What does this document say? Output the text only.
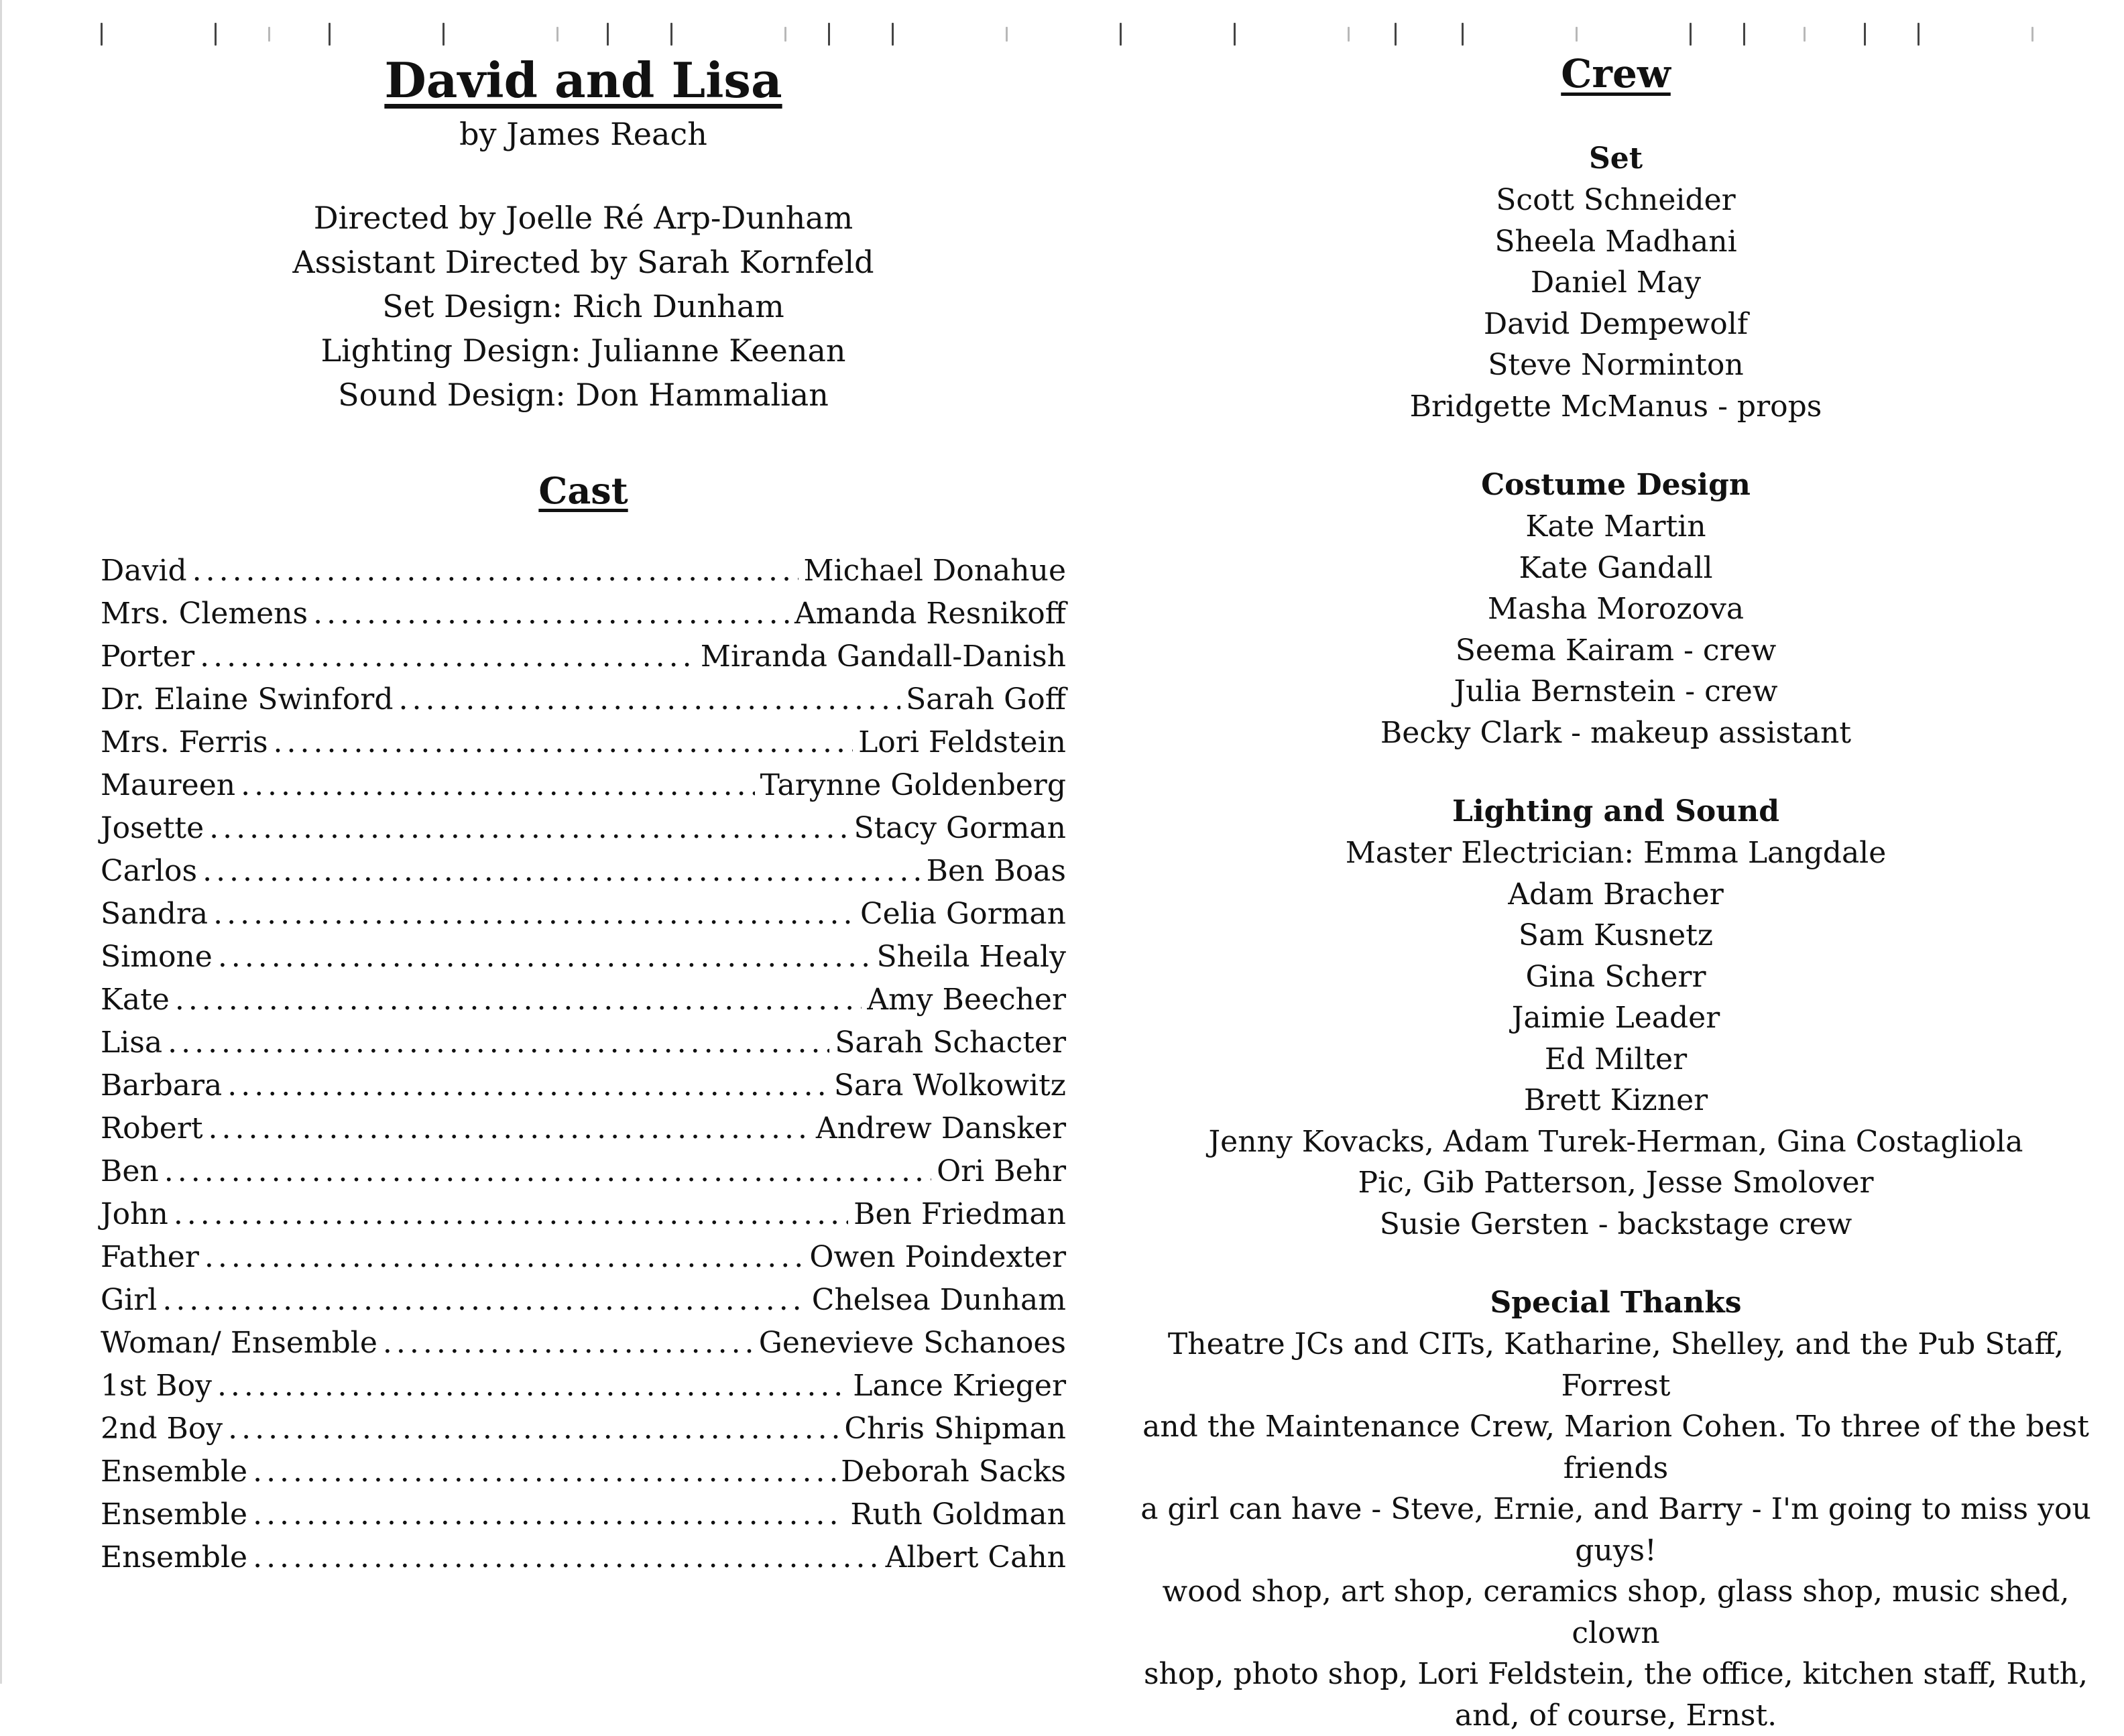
David and Lisa

by James Reach

Directed by Joelle Ré Arp-Dunham

Assistant Directed by Sarah Kornfeld

Set Design: Rich Dunham

Lighting Design: Julianne Keenan

Sound Design: Don Hammalian

Cast
David .....	Michael Donahue
Mrs. Clemens .....	Amanda Resnikoff
Porter .....	Miranda Gandall-Danish
Dr. Elaine Swinford .....	Sarah Goff
Mrs. Ferris .....	Lori Feldstein
Maureen .....	Tarynne Goldenberg
Josette .....	Stacy Gorman
Carlos .....	Ben Boas
Sandra .....	Celia Gorman
Simone .....	Sheila Healy
Kate .....	Amy Beecher
Lisa .....	Sarah Schacter
Barbara .....	Sara Wolkowitz
Robert .....	Andrew Dansker
Ben .....	Ori Behr
John .....	Ben Friedman
Father .....	Owen Poindexter
Girl .....	Chelsea Dunham
Woman/ Ensemble .....	Genevieve Schanoes
1st Boy .....	Lance Krieger
2nd Boy .....	Chris Shipman
Ensemble .....	Deborah Sacks
Ensemble .....	Ruth Goldman
Ensemble .....	Albert Cahn
Crew

Set

Scott Schneider

Sheela Madhani

Daniel May

David Dempewolf

Steve Norminton

Bridgette McManus - props

Costume Design

Kate Martin

Kate Gandall

Masha Morozova

Seema Kairam - crew

Julia Bernstein - crew

Becky Clark - makeup assistant

Lighting and Sound

Master Electrician: Emma Langdale

Adam Bracher

Sam Kusnetz

Gina Scherr

Jaimie Leader

Ed Milter

Brett Kizner

Jenny Kovacks, Adam Turek-Herman, Gina Costagliola

Pic, Gib Patterson, Jesse Smolover

Susie Gersten - backstage crew

Special Thanks

Theatre JCs and CITs, Katharine, Shelley, and the Pub Staff, Forrest

and the Maintenance Crew, Marion Cohen. To three of the best friends

a girl can have - Steve, Ernie, and Barry - I'm going to miss you guys!

wood shop, art shop, ceramics shop, glass shop, music shed, clown

shop, photo shop, Lori Feldstein, the office, kitchen staff, Ruth,

and, of course, Ernst.
